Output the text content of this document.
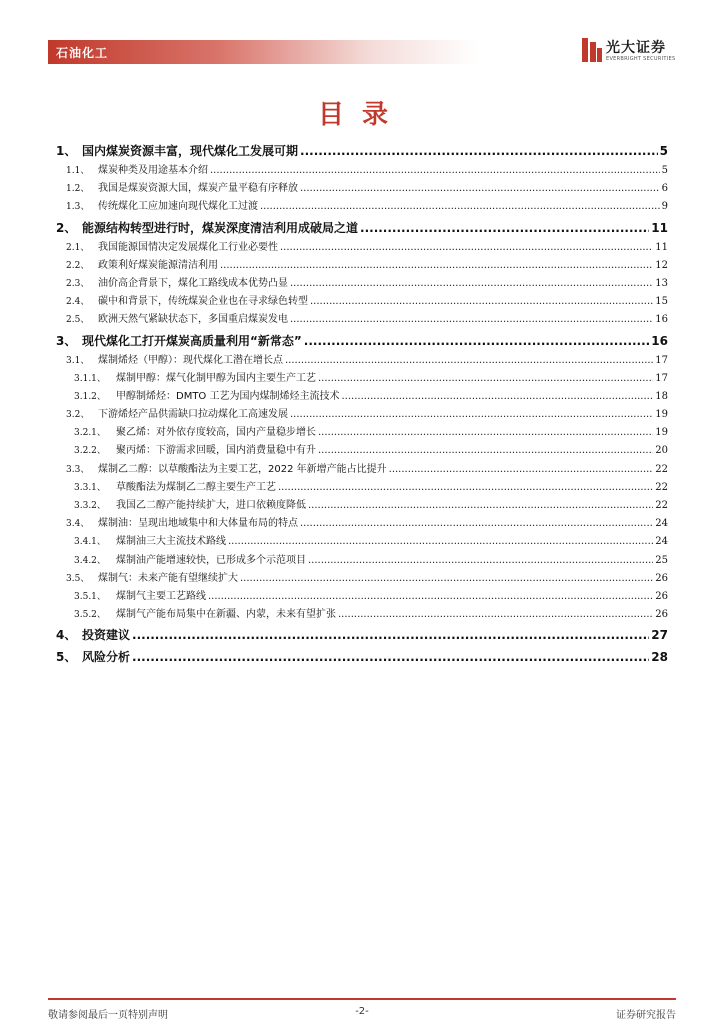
石油化工	光大证券
EVERBRIGHT SECURITIES
目录
1、 国内煤炭资源丰富，现代煤化工发展可期 .....	5
1.1、 煤炭种类及用途基本介绍 .....	5
1.2、 我国是煤炭资源大国，煤炭产量平稳有序释放 .....	6
1.3、 传统煤化工应加速向现代煤化工过渡 .....	9
2、 能源结构转型进行时，煤炭深度清洁利用成破局之道 .....	11
2.1、 我国能源国情决定发展煤化工行业必要性 .....	11
2.2、 政策利好煤炭能源清洁利用 .....	12
2.3、 油价高企背景下，煤化工路线成本优势凸显 .....	13
2.4、 碳中和背景下，传统煤炭企业也在寻求绿色转型 .....	15
2.5、 欧洲天然气紧缺状态下，多国重启煤炭发电 .....	16
3、 现代煤化工打开煤炭高质量利用“新常态” .....	16
3.1、 煤制烯烃（甲醇）：现代煤化工潜在增长点 .....	17
3.1.1、	煤制甲醇：煤气化制甲醇为国内主要生产工艺 .....	17
3.1.2、	甲醇制烯烃：DMTO 工艺为国内煤制烯烃主流技术 .....	18
3.2、 下游烯烃产品供需缺口拉动煤化工高速发展 .....	19
3.2.1、	聚乙烯：对外依存度较高，国内产量稳步增长 .....	19
3.2.2、	聚丙烯：下游需求回暖，国内消费量稳中有升 .....	20
3.3、 煤制乙二醇：以草酸酯法为主要工艺，2022 年新增产能占比提升 .....	22
3.3.1、	草酸酯法为煤制乙二醇主要生产工艺 .....	22
3.3.2、	我国乙二醇产能持续扩大，进口依赖度降低 .....	22
3.4、 煤制油：呈现出地域集中和大体量布局的特点 .....	24
3.4.1、	煤制油三大主流技术路线 .....	24
3.4.2、	煤制油产能增速较快，已形成多个示范项目 .....	25
3.5、 煤制气：未来产能有望继续扩大 .....	26
3.5.1、	煤制气主要工艺路线 .....	26
3.5.2、	煤制气产能布局集中在新疆、内蒙，未来有望扩张 .....	26
4、 投资建议 .....	27
5、 风险分析 .....	28
敬请参阅最后一页特别声明	-2-	证券研究报告
